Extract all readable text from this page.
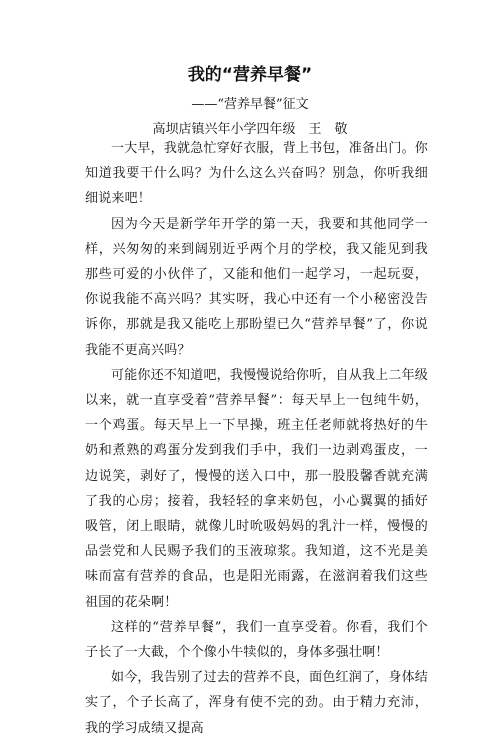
我的“营养早餐”
——“营养早餐”征文
高坝店镇兴年小学四年级　王　敬

一大早，我就急忙穿好衣服，背上书包，准备出门。你知道我要干什么吗？为什么这么兴奋吗？别急，你听我细细说来吧！

因为今天是新学年开学的第一天，我要和其他同学一样，兴匆匆的来到阔别近乎两个月的学校，我又能见到我那些可爱的小伙伴了，又能和他们一起学习，一起玩耍，你说我能不高兴吗？其实呀，我心中还有一个小秘密没告诉你，那就是我又能吃上那盼望已久“营养早餐”了，你说我能不更高兴吗？

可能你还不知道吧，我慢慢说给你听，自从我上二年级以来，就一直享受着“营养早餐”：每天早上一包纯牛奶，一个鸡蛋。每天早上一下早操，班主任老师就将热好的牛奶和煮熟的鸡蛋分发到我们手中，我们一边剥鸡蛋皮，一边说笑，剥好了，慢慢的送入口中，那一股股馨香就充满了我的心房；接着，我轻轻的拿来奶包，小心翼翼的插好吸管，闭上眼睛，就像儿时吮吸妈妈的乳汁一样，慢慢的品尝党和人民赐予我们的玉液琼浆。我知道，这不光是美味而富有营养的食品，也是阳光雨露，在滋润着我们这些祖国的花朵啊！

这样的“营养早餐”，我们一直享受着。你看，我们个子长了一大截，个个像小牛犊似的，身体多强壮啊！

如今，我告别了过去的营养不良，面色红润了，身体结实了，个子长高了，浑身有使不完的劲。由于精力充沛，我的学习成绩又提高
